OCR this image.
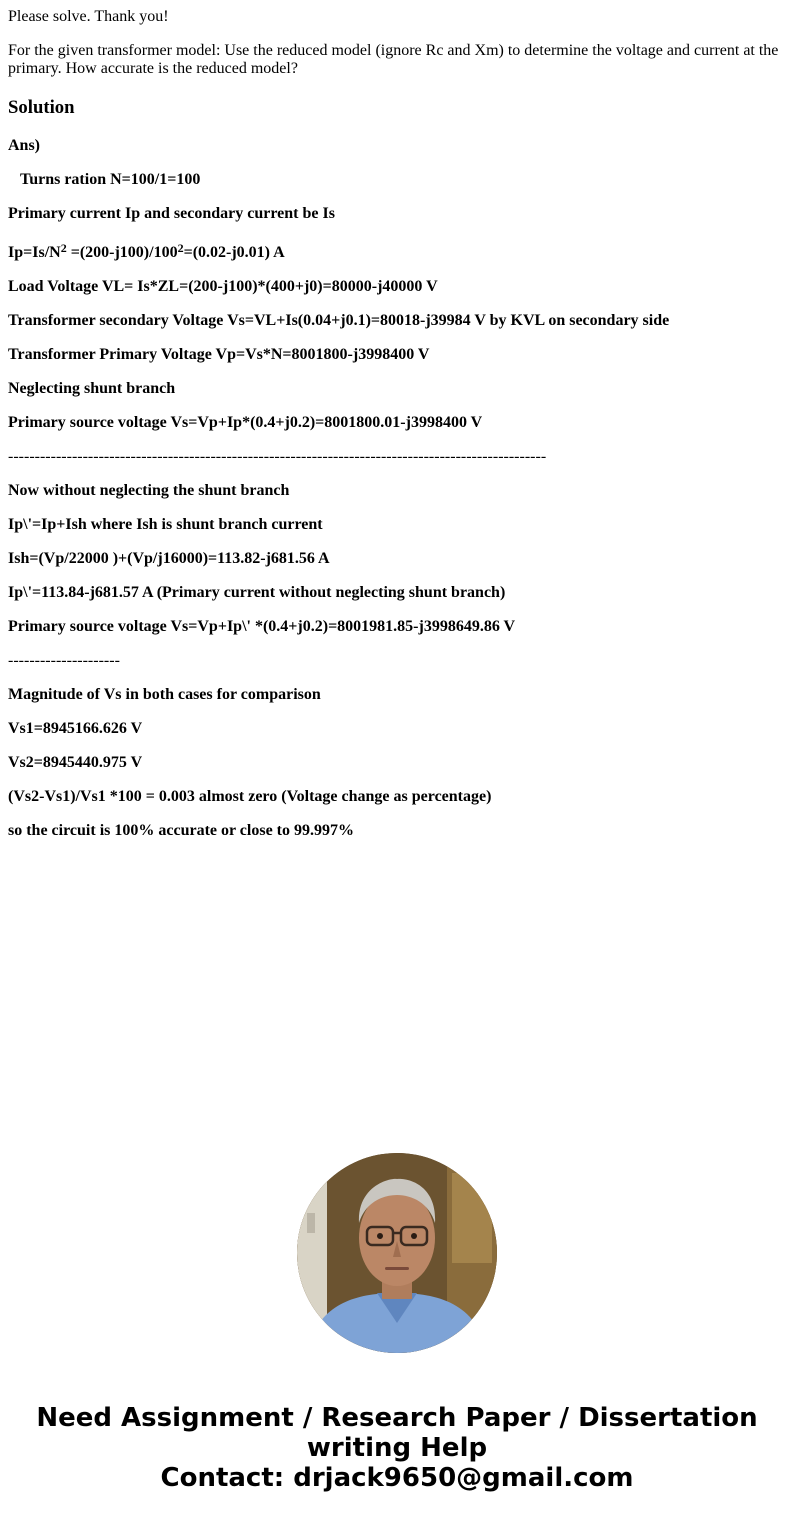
Please solve. Thank you!

For the given transformer model: Use the reduced model (ignore Rc and Xm) to determine the voltage and current at the primary. How accurate is the reduced model?

Solution
Ans)
Turns ration N=100/1=100
Primary current Ip and secondary current be Is
$Ip=Is/N^2 =(200-j100)/100^2=(0.02-j0.01)$ A
Load Voltage VL= Is*ZL=(200-j100)*(400+j0)=80000-j40000 V
Transformer secondary Voltage Vs=VL+Is(0.04+j0.1)=80018-j39984 V by KVL on secondary side
Transformer Primary Voltage Vp=Vs*N=8001800-j3998400 V
Neglecting shunt branch
Primary source voltage Vs=Vp+Ip*(0.4+j0.2)=8001800.01-j3998400 V
-----------------------------------------------------------------------------------------------------
Now without neglecting the shunt branch
Ip\'=Ip+Ish where Ish is shunt branch current
Ish=(Vp/22000 )+(Vp/j16000)=113.82-j681.56 A
Ip\'=113.84-j681.57 A (Primary current without neglecting shunt branch)
Primary source voltage Vs=Vp+Ip\' *(0.4+j0.2)=8001981.85-j3998649.86 V
---------------------
Magnitude of Vs in both cases for comparison
Vs1=8945166.626 V
Vs2=8945440.975 V
(Vs2-Vs1)/Vs1 *100 = 0.003 almost zero (Voltage change as percentage)
so the circuit is 100% accurate or close to 99.997%
Need Assignment / Research Paper / Dissertation
writing Help
Contact: drjack9650@gmail.com
